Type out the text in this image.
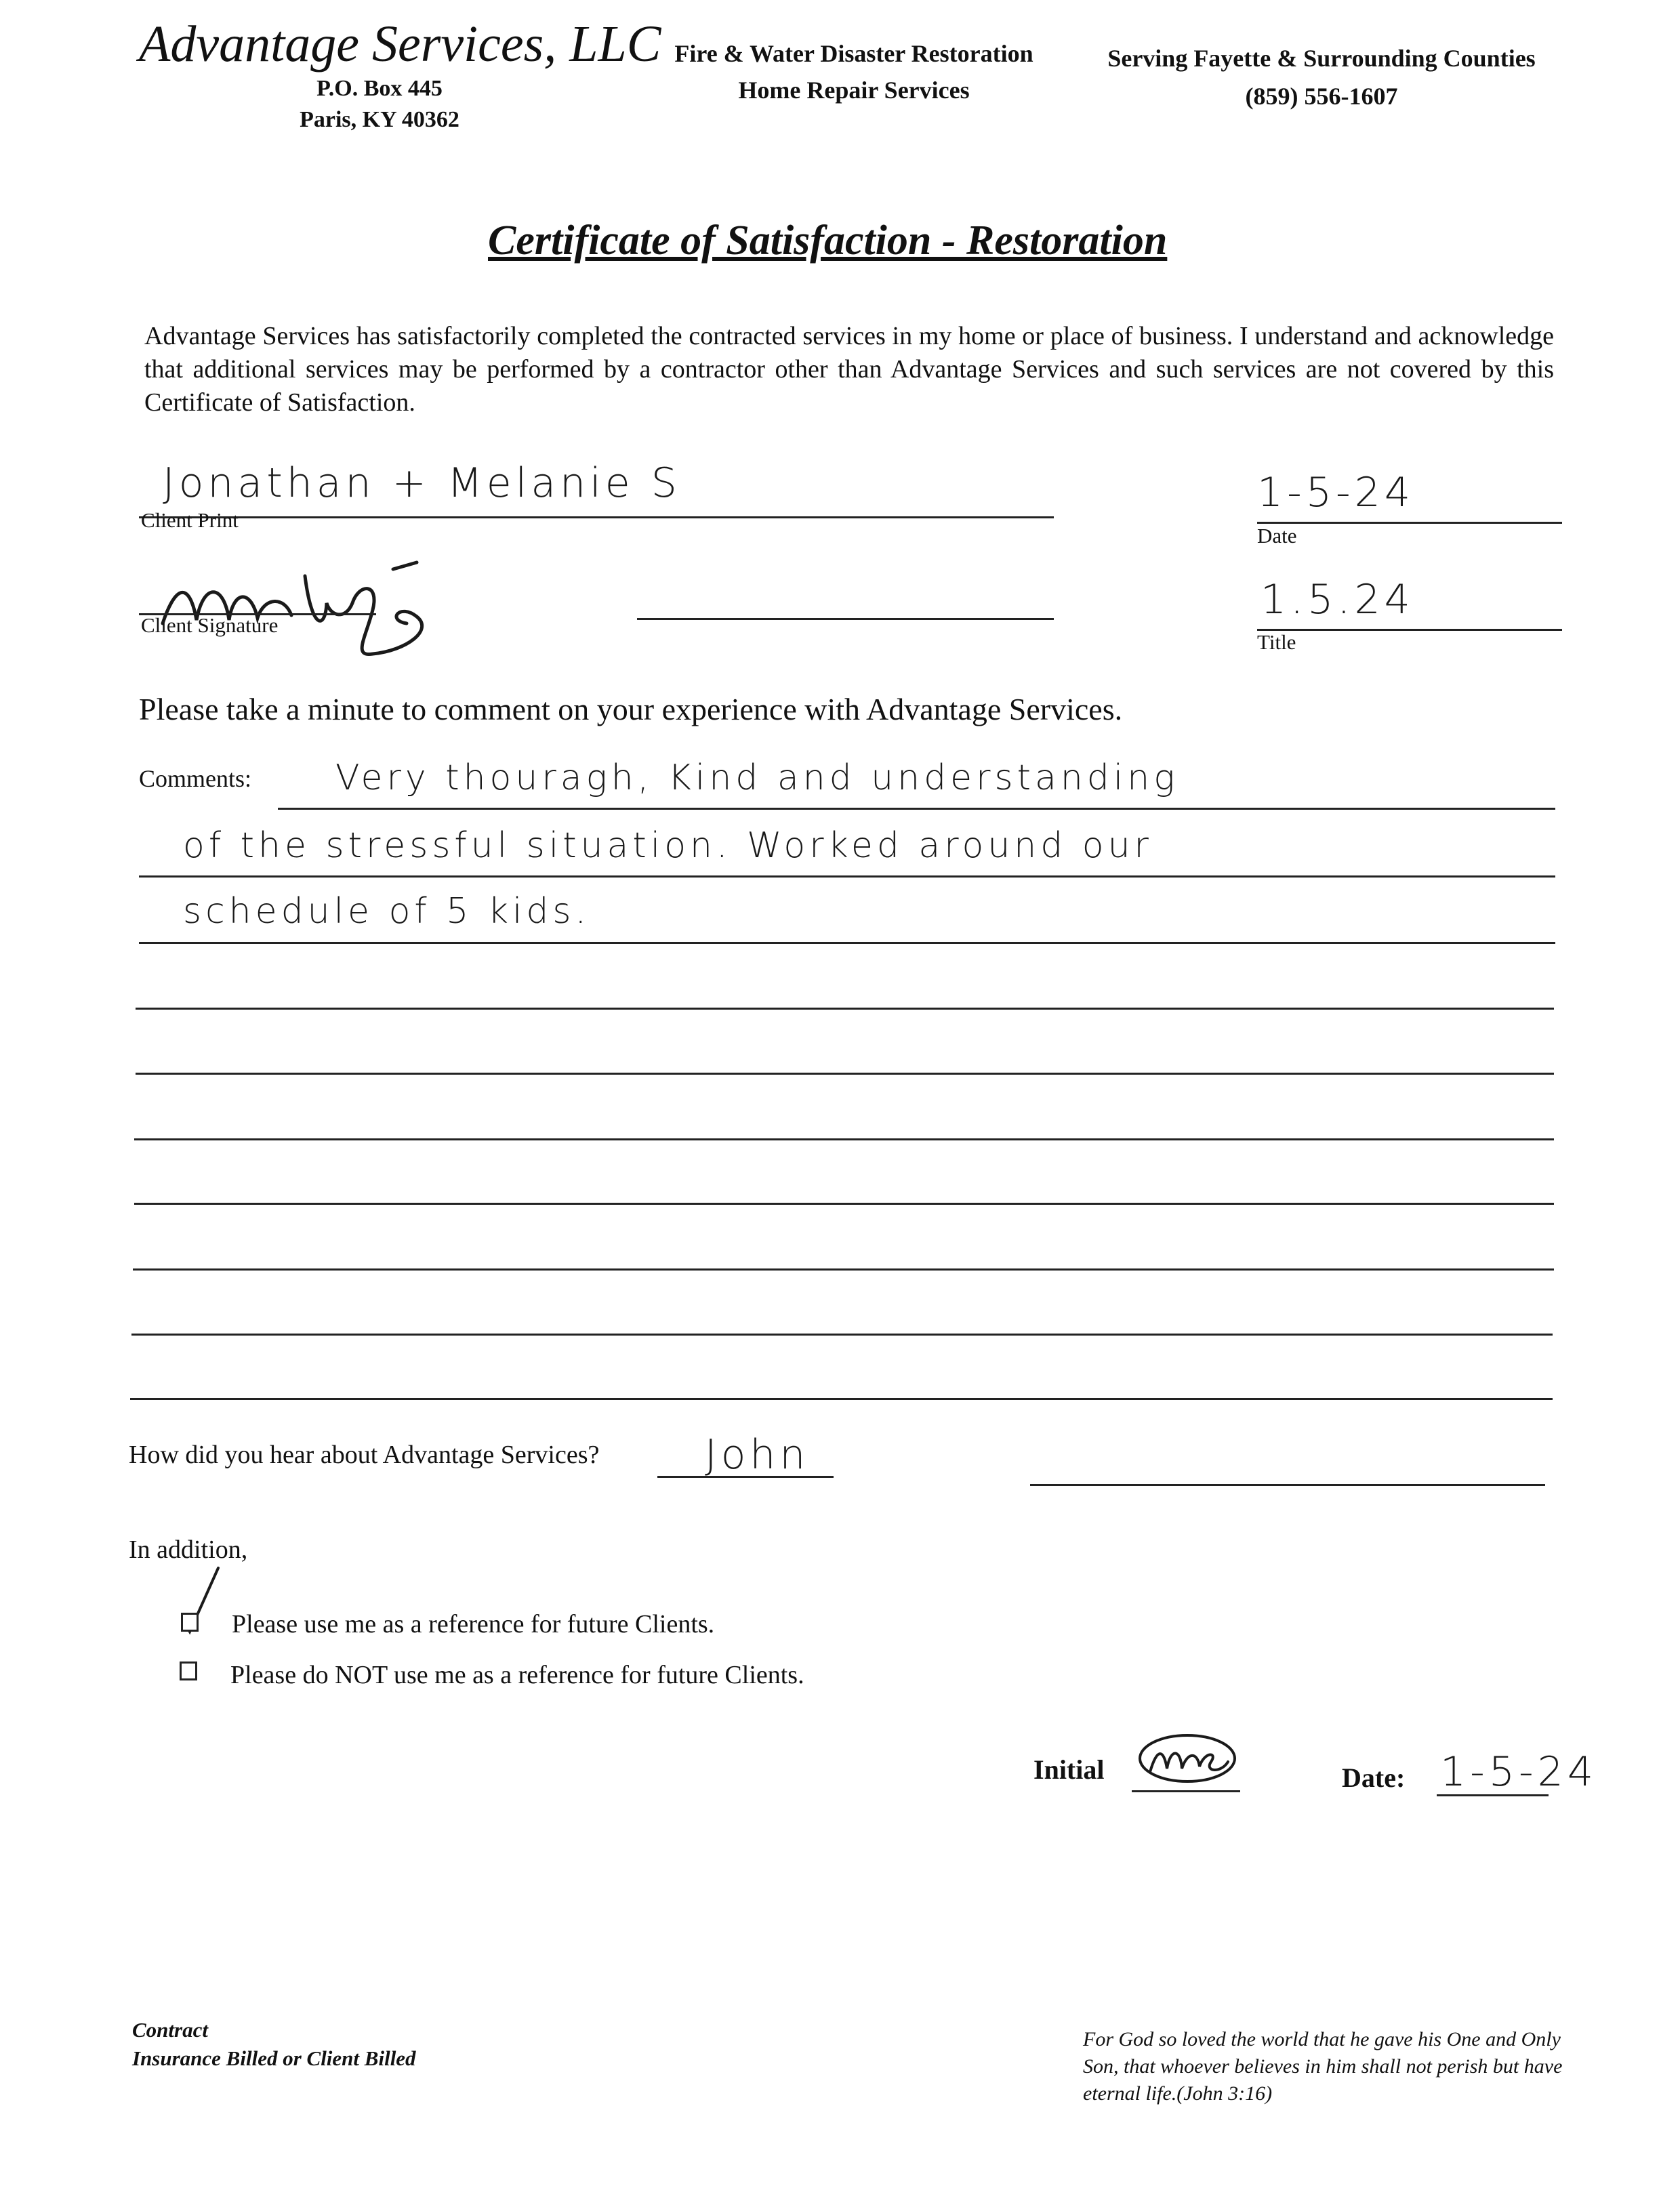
Advantage Services, LLC
P.O. Box 445
Paris, KY 40362
Fire & Water Disaster Restoration
Home Repair Services
Serving Fayette & Surrounding Counties
(859) 556-1607
Certificate of Satisfaction - Restoration
Advantage Services has satisfactorily completed the contracted services in my home or place of business. I understand and acknowledge that additional services may be performed by a contractor other than Advantage Services and such services are not covered by this Certificate of Satisfaction.
Jonathan + Melanie S
Client Print
1-5-24
Date
Client Signature
1.5.24
Title
Please take a minute to comment on your experience with Advantage Services.
Comments: Very thouragh, Kind and understanding
of the stressful situation. Worked around our
schedule of 5 kids.
How did you hear about Advantage Services?	John
In addition,
Please use me as a reference for future Clients.
Please do NOT use me as a reference for future Clients.
Initial	Date: 1-5-24
Contract
Insurance Billed or Client Billed
For God so loved the world that he gave his One and Only Son, that whoever believes in him shall not perish but have eternal life.(John 3:16)
